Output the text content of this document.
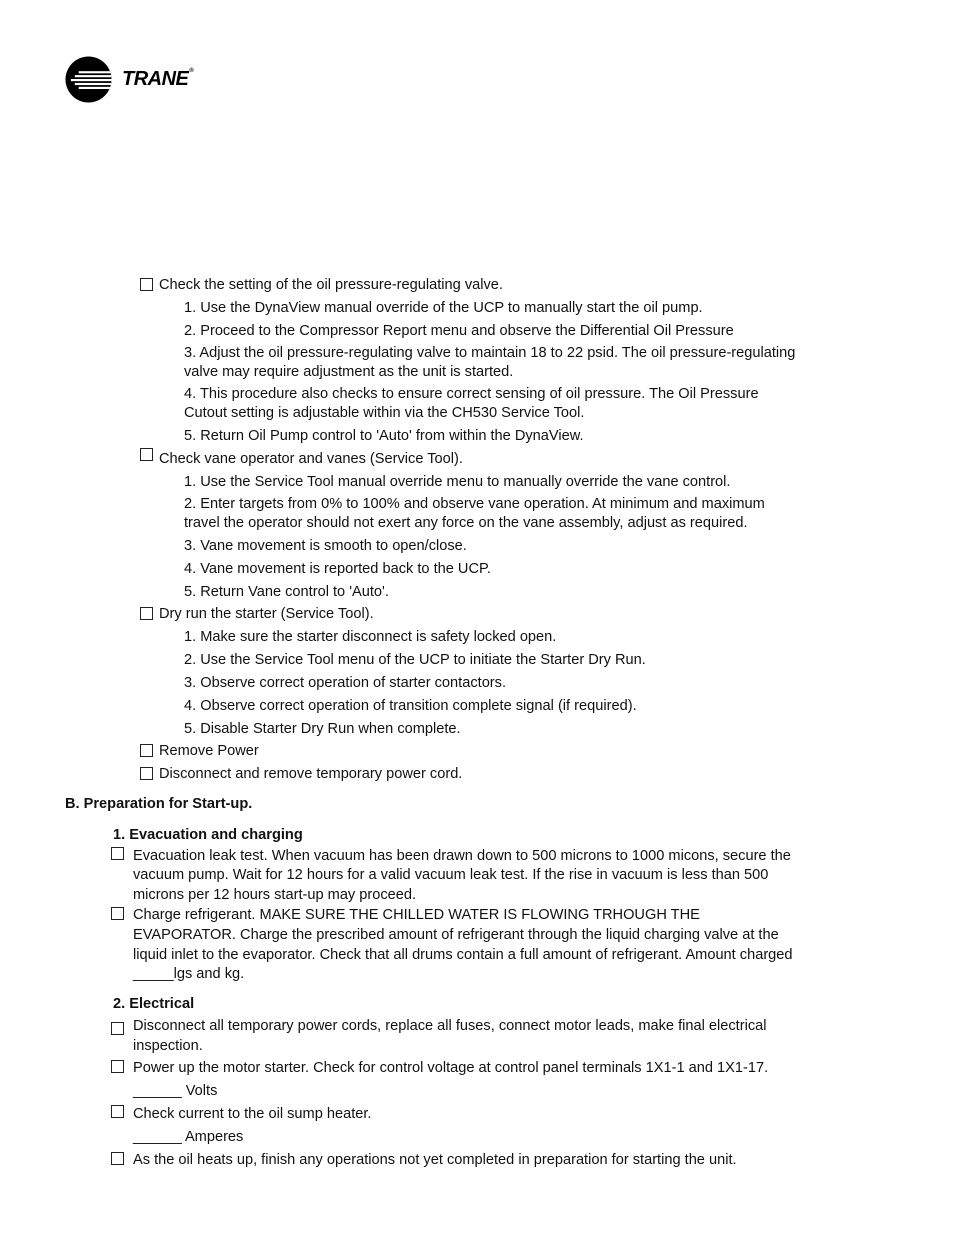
TRANE®
Check the setting of the oil pressure-regulating valve.
1. Use the DynaView manual override of the UCP to manually start the oil pump.
2. Proceed to the Compressor Report menu and observe the Differential Oil Pressure
3. Adjust the oil pressure-regulating valve to maintain 18 to 22 psid. The oil pressure-regulating
valve may require adjustment as the unit is started.
4. This procedure also checks to ensure correct sensing of oil pressure. The Oil Pressure
Cutout setting is adjustable within via the CH530 Service Tool.
5. Return Oil Pump control to 'Auto' from within the DynaView.
Check vane operator and vanes (Service Tool).
1. Use the Service Tool manual override menu to manually override the vane control.
2. Enter targets from 0% to 100% and observe vane operation. At minimum and maximum
travel the operator should not exert any force on the vane assembly, adjust as required.
3. Vane movement is smooth to open/close.
4. Vane movement is reported back to the UCP.
5. Return Vane control to 'Auto'.
Dry run the starter (Service Tool).
1. Make sure the starter disconnect is safety locked open.
2. Use the Service Tool menu of the UCP to initiate the Starter Dry Run.
3. Observe correct operation of starter contactors.
4. Observe correct operation of transition complete signal (if required).
5. Disable Starter Dry Run when complete.
Remove Power
Disconnect and remove temporary power cord.
B. Preparation for Start-up.
1. Evacuation and charging
Evacuation leak test. When vacuum has been drawn down to 500 microns to 1000 micons, secure the
vacuum pump. Wait for 12 hours for a valid vacuum leak test. If the rise in vacuum is less than 500
microns per 12 hours start-up may proceed.
Charge refrigerant. MAKE SURE THE CHILLED WATER IS FLOWING TRHOUGH THE
EVAPORATOR. Charge the prescribed amount of refrigerant through the liquid charging valve at the
liquid inlet to the evaporator. Check that all drums contain a full amount of refrigerant. Amount charged
_____lgs and kg.
2. Electrical
Disconnect all temporary power cords, replace all fuses, connect motor leads, make final electrical
inspection.
Power up the motor starter. Check for control voltage at control panel terminals 1X1-1 and 1X1-17.
______ Volts
Check current to the oil sump heater.
______ Amperes
As the oil heats up, finish any operations not yet completed in preparation for starting the unit.
